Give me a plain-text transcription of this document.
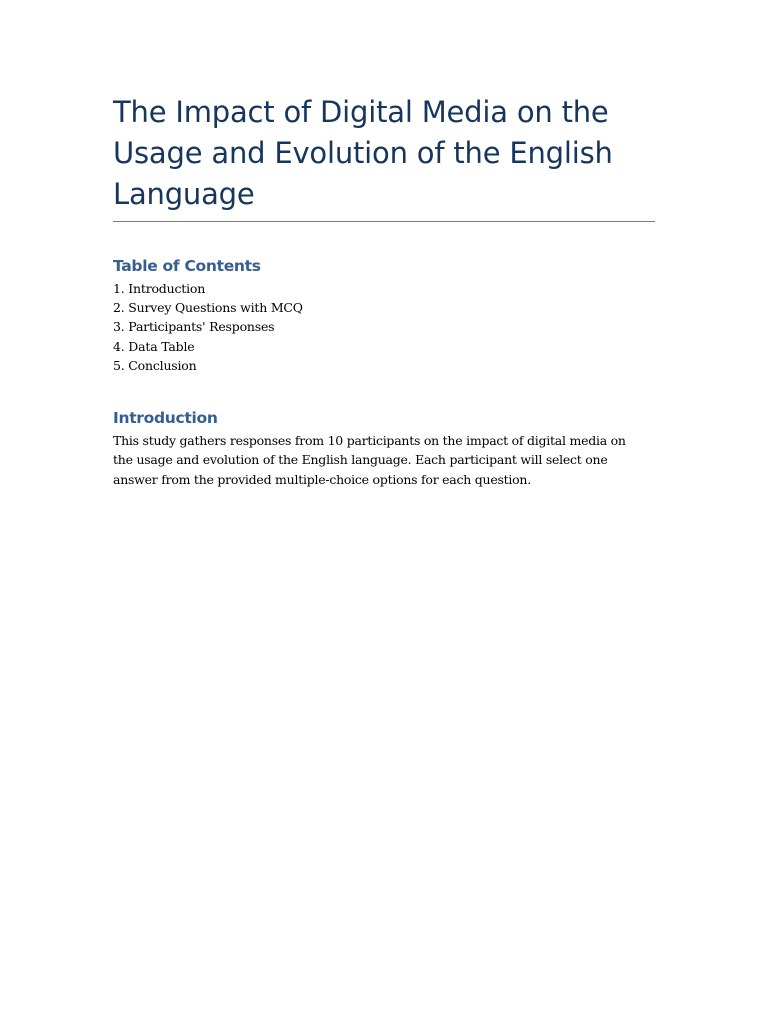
The Impact of Digital Media on the Usage and Evolution of the English Language
Table of Contents
1. Introduction
2. Survey Questions with MCQ
3. Participants' Responses
4. Data Table
5. Conclusion
Introduction

This study gathers responses from 10 participants on the impact of digital media on the usage and evolution of the English language. Each participant will select one answer from the provided multiple-choice options for each question.
